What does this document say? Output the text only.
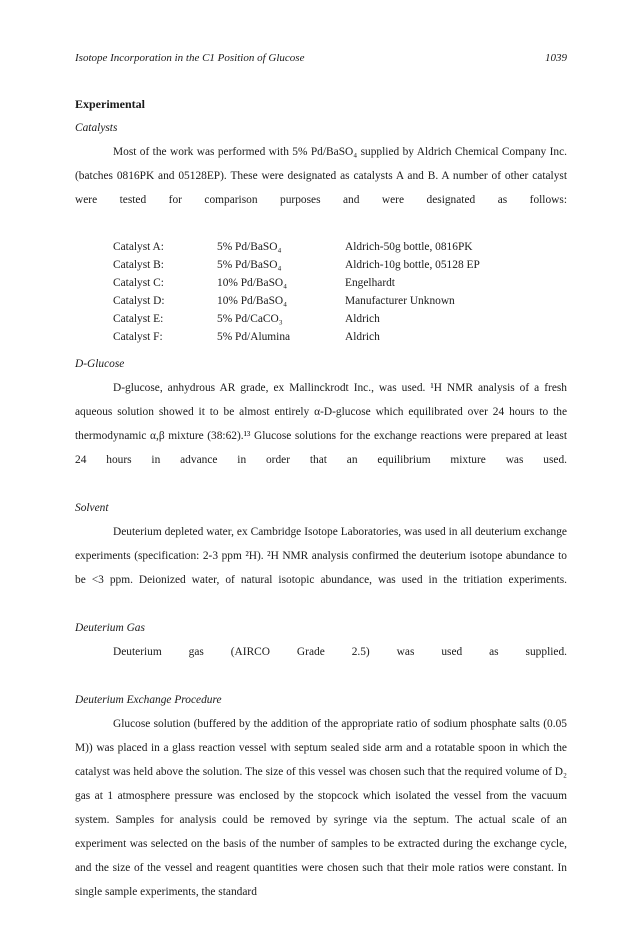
Isotope Incorporation in the C1 Position of Glucose	1039

Experimental

Catalysts

Most of the work was performed with 5% Pd/BaSO₄ supplied by Aldrich Chemical Company Inc. (batches 0816PK and 05128EP). These were designated as catalysts A and B. A number of other catalyst were tested for comparison purposes and were designated as follows:

Catalyst A:	5% Pd/BaSO₄	Aldrich-50g bottle, 0816PK
Catalyst B:	5% Pd/BaSO₄	Aldrich-10g bottle, 05128 EP
Catalyst C:	10% Pd/BaSO₄	Engelhardt
Catalyst D:	10% Pd/BaSO₄	Manufacturer Unknown
Catalyst E:	5% Pd/CaCO₃	Aldrich
Catalyst F:	5% Pd/Alumina	Aldrich

D-Glucose

D-glucose, anhydrous AR grade, ex Mallinckrodt Inc., was used. ¹H NMR analysis of a fresh aqueous solution showed it to be almost entirely α-D-glucose which equilibrated over 24 hours to the thermodynamic α,β mixture (38:62).¹³ Glucose solutions for the exchange reactions were prepared at least 24 hours in advance in order that an equilibrium mixture was used.

Solvent

Deuterium depleted water, ex Cambridge Isotope Laboratories, was used in all deuterium exchange experiments (specification: 2-3 ppm ²H). ²H NMR analysis confirmed the deuterium isotope abundance to be <3 ppm. Deionized water, of natural isotopic abundance, was used in the tritiation experiments.

Deuterium Gas

Deuterium gas (AIRCO Grade 2.5) was used as supplied.

Deuterium Exchange Procedure

Glucose solution (buffered by the addition of the appropriate ratio of sodium phosphate salts (0.05 M)) was placed in a glass reaction vessel with septum sealed side arm and a rotatable spoon in which the catalyst was held above the solution. The size of this vessel was chosen such that the required volume of D₂ gas at 1 atmosphere pressure was enclosed by the stopcock which isolated the vessel from the vacuum system. Samples for analysis could be removed by syringe via the septum. The actual scale of an experiment was selected on the basis of the number of samples to be extracted during the exchange cycle, and the size of the vessel and reagent quantities were chosen such that their mole ratios were constant. In single sample experiments, the standard
